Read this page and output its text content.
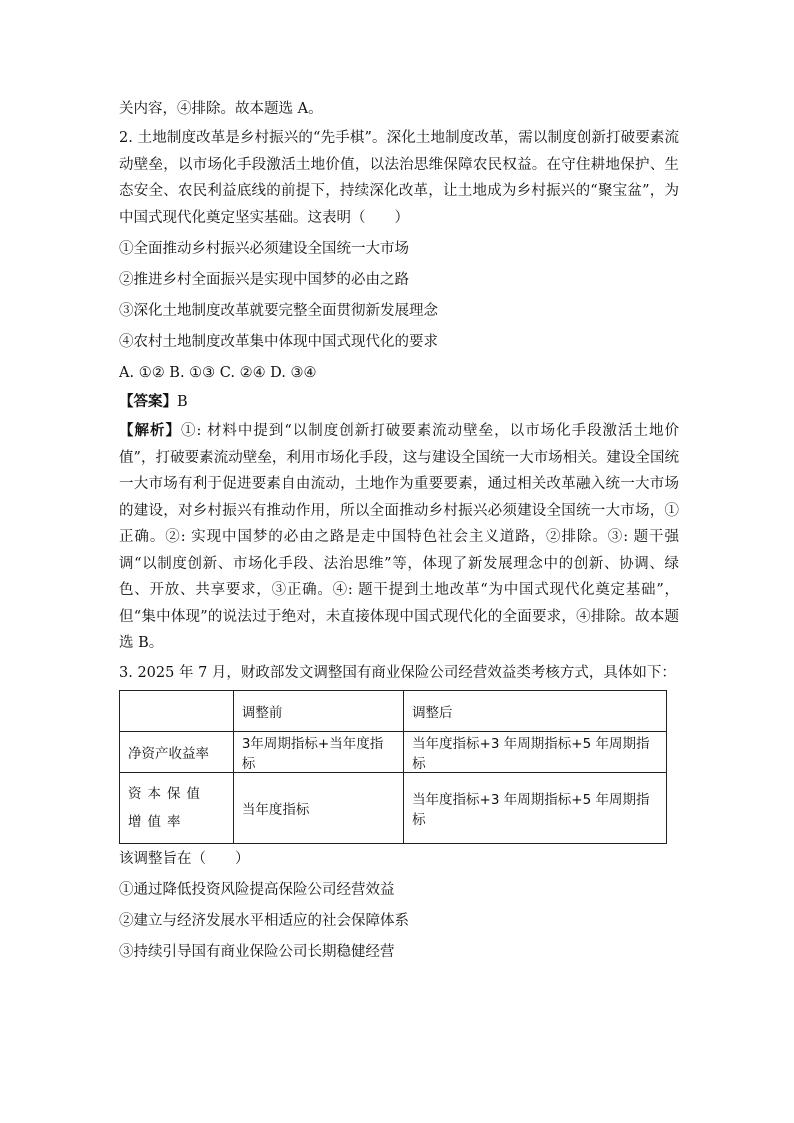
关内容，④排除。故本题选 A。
2. 土地制度改革是乡村振兴的“先手棋”。深化土地制度改革，需以制度创新打破要素流动壁垒，以市场化手段激活土地价值，以法治思维保障农民权益。在守住耕地保护、生态安全、农民利益底线的前提下，持续深化改革，让土地成为乡村振兴的“聚宝盆”，为中国式现代化奠定坚实基础。这表明（　　）
①全面推动乡村振兴必须建设全国统一大市场
②推进乡村全面振兴是实现中国梦的必由之路
③深化土地制度改革就要完整全面贯彻新发展理念
④农村土地制度改革集中体现中国式现代化的要求
A. ①② B. ①③ C. ②④ D. ③④
【答案】B
【解析】①: 材料中提到“以制度创新打破要素流动壁垒，以市场化手段激活土地价值”，打破要素流动壁垒，利用市场化手段，这与建设全国统一大市场相关。建设全国统一大市场有利于促进要素自由流动，土地作为重要要素，通过相关改革融入统一大市场的建设，对乡村振兴有推动作用，所以全面推动乡村振兴必须建设全国统一大市场，①正确。②: 实现中国梦的必由之路是走中国特色社会主义道路，②排除。③: 题干强调“以制度创新、市场化手段、法治思维”等，体现了新发展理念中的创新、协调、绿色、开放、共享要求，③正确。④: 题干提到土地改革“为中国式现代化奠定基础”，但“集中体现”的说法过于绝对，未直接体现中国式现代化的全面要求，④排除。故本题选 B。
3. 2025 年 7 月，财政部发文调整国有商业保险公司经营效益类考核方式，具体如下：
	调整前	调整后
净资产收益率	3年周期指标+当年度指标	当年度指标+3 年周期指标+5 年周期指标
资本保值增值率	当年度指标	当年度指标+3 年周期指标+5 年周期指标
该调整旨在（　　）
①通过降低投资风险提高保险公司经营效益
②建立与经济发展水平相适应的社会保障体系
③持续引导国有商业保险公司长期稳健经营
